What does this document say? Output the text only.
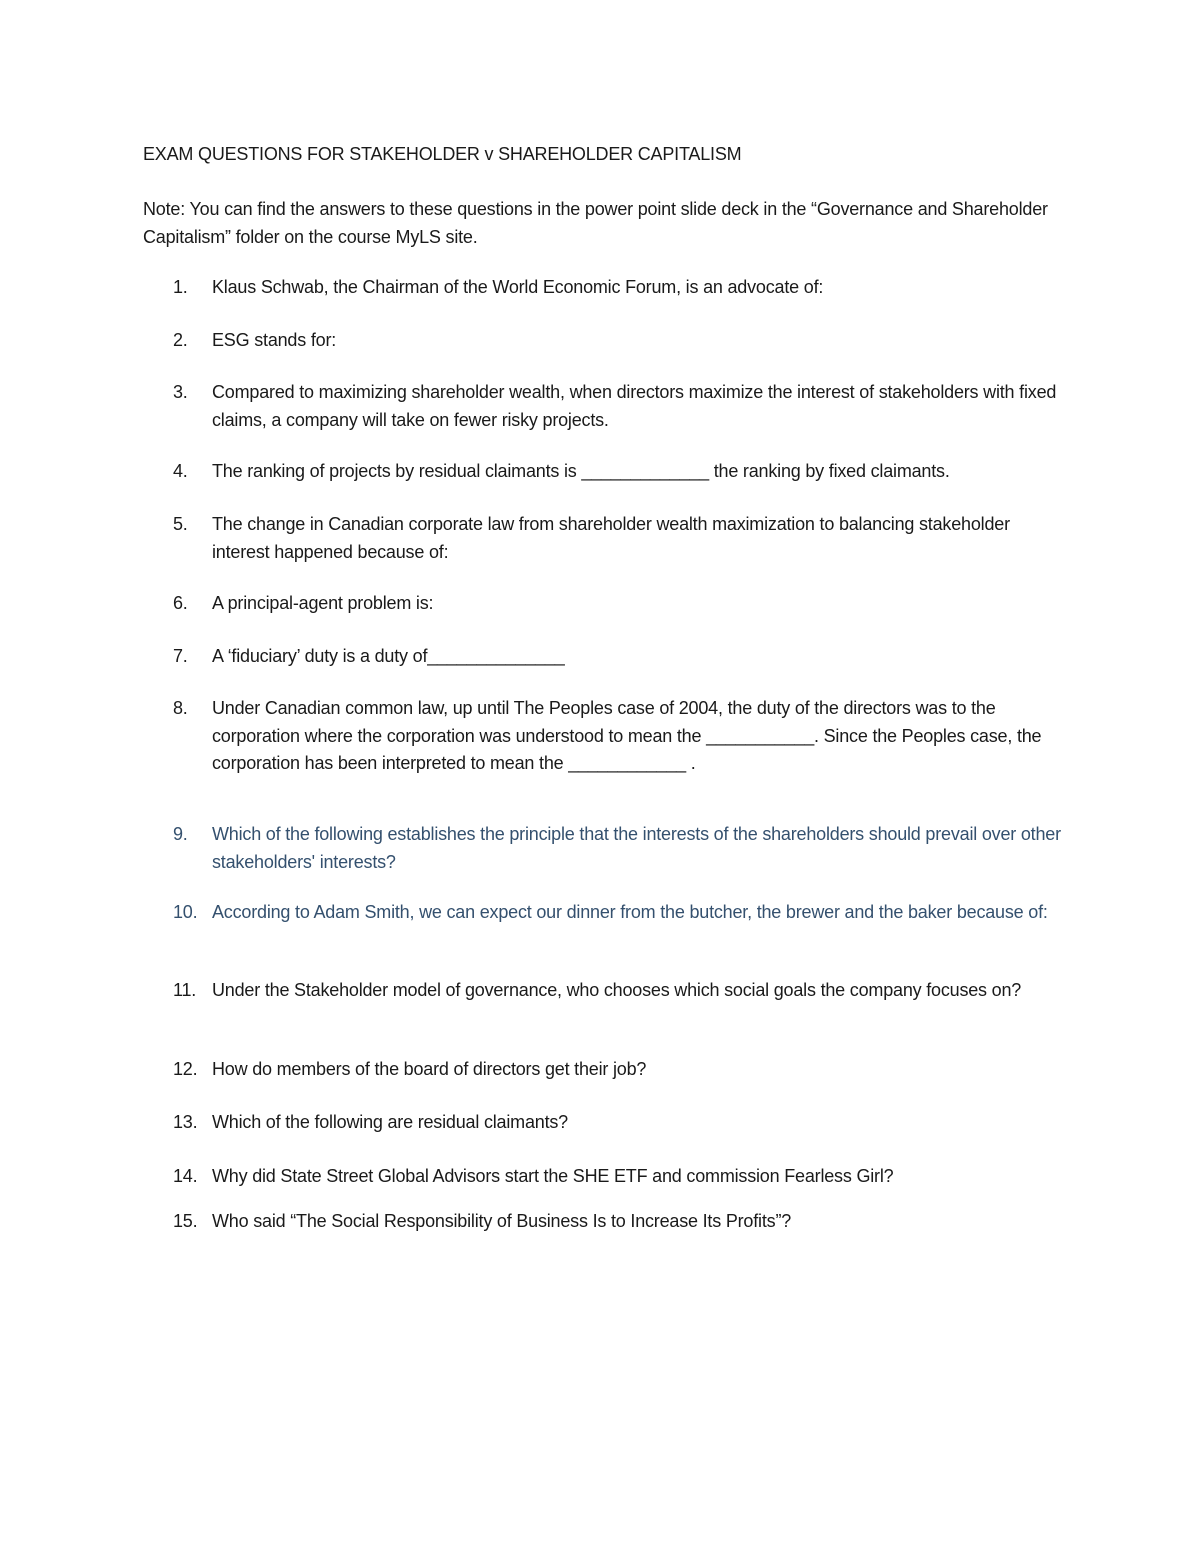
EXAM QUESTIONS FOR STAKEHOLDER v SHAREHOLDER CAPITALISM
Note: You can find the answers to these questions in the power point slide deck in the “Governance and Shareholder Capitalism” folder on the course MyLS site.
1.	Klaus Schwab, the Chairman of the World Economic Forum, is an advocate of:
2.	ESG stands for:
3.	Compared to maximizing shareholder wealth, when directors maximize the interest of stakeholders with fixed claims, a company will take on fewer risky projects.
4.	The ranking of projects by residual claimants is _____________ the ranking by fixed claimants.
5.	The change in Canadian corporate law from shareholder wealth maximization to balancing stakeholder interest happened because of:
6.	A principal-agent problem is:
7.	A ‘fiduciary’ duty is a duty of______________
8.	Under Canadian common law, up until The Peoples case of 2004, the duty of the directors was to the corporation where the corporation was understood to mean the ___________. Since the Peoples case, the corporation has been interpreted to mean the ____________ .
9.	Which of the following establishes the principle that the interests of the shareholders should prevail over other stakeholders' interests?
10. According to Adam Smith, we can expect our dinner from the butcher, the brewer and the baker because of:
11. Under the Stakeholder model of governance, who chooses which social goals the company focuses on?
12. How do members of the board of directors get their job?
13. Which of the following are residual claimants?
14. Why did State Street Global Advisors start the SHE ETF and commission Fearless Girl?
15. Who said “The Social Responsibility of Business Is to Increase Its Profits”?
